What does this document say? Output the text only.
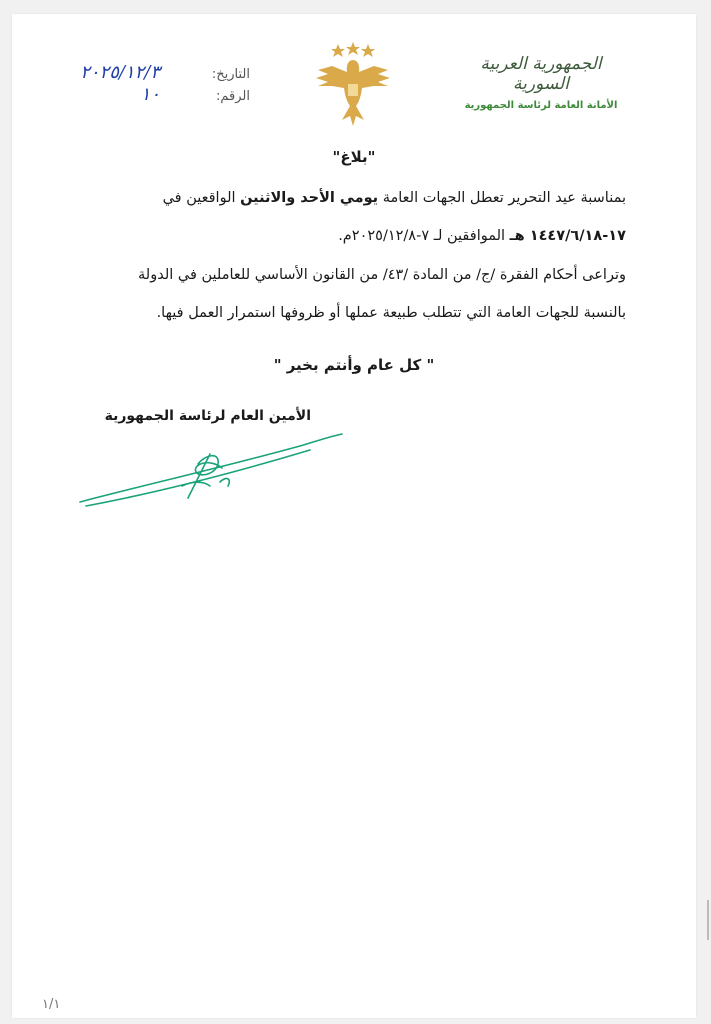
الجمهورية العربية السورية
الأمانة العامة لرئاسة الجمهورية
التاريخ:
٢٠٢٥/١٢/٣
الرقم:
١٠
"بلاغ"
بمناسبة عيد التحرير تعطل الجهات العامة يومي الأحد والاثنين الواقعين في
١٧-١٤٤٧/٦/١٨ هـ الموافقين لـ ٧-٢٠٢٥/١٢/٨م.
وتراعى أحكام الفقرة /ج/ من المادة /٤٣/ من القانون الأساسي للعاملين في الدولة
بالنسبة للجهات العامة التي تتطلب طبيعة عملها أو ظروفها استمرار العمل فيها.
" كل عام وأنتم بخير "
الأمين العام لرئاسة الجمهورية
١/١
